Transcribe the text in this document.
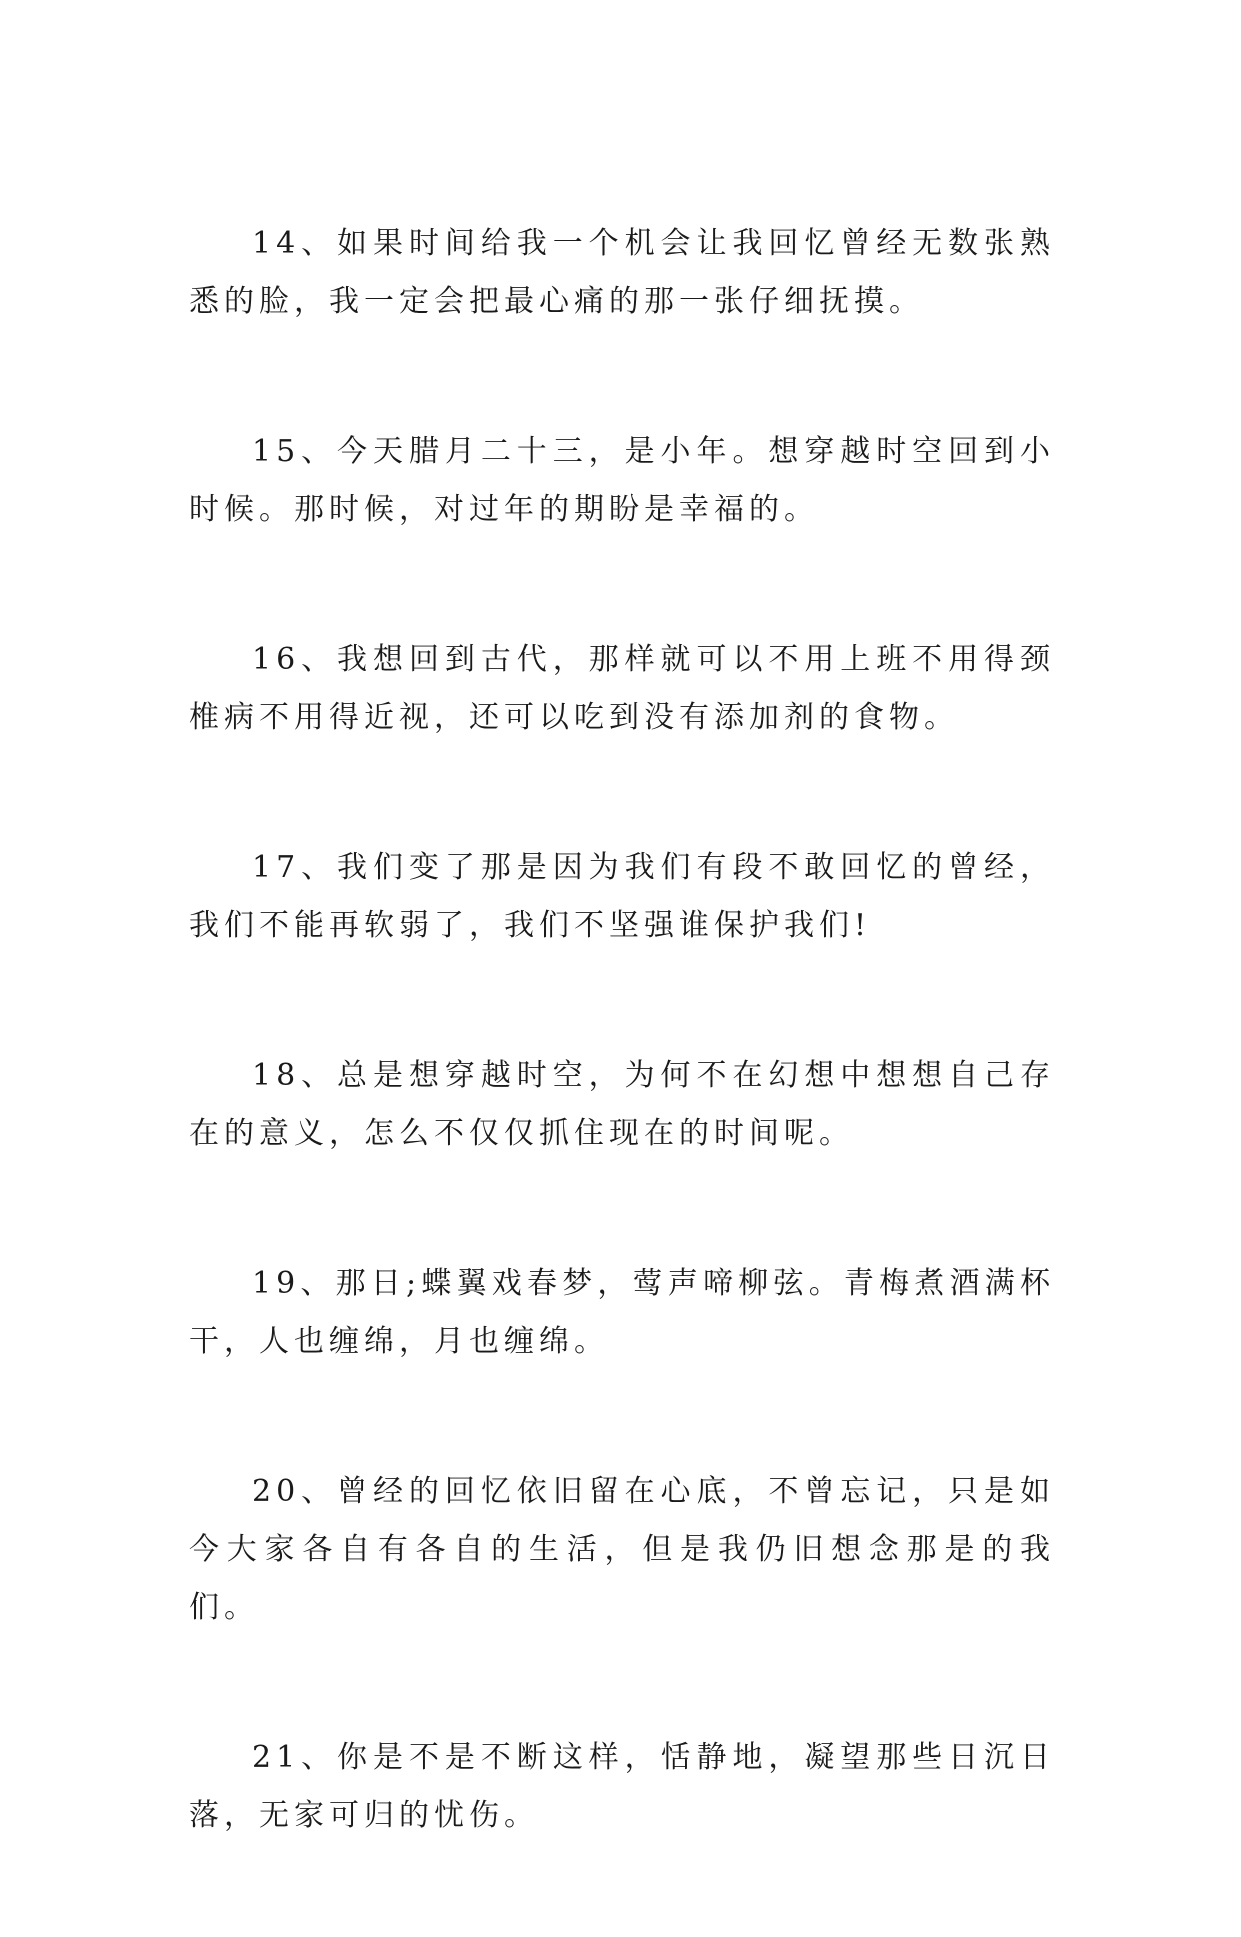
14、如果时间给我一个机会让我回忆曾经无数张熟悉的脸，我一定会把最心痛的那一张仔细抚摸。

15、今天腊月二十三，是小年。想穿越时空回到小时候。那时候，对过年的期盼是幸福的。

16、我想回到古代，那样就可以不用上班不用得颈椎病不用得近视，还可以吃到没有添加剂的食物。

17、我们变了那是因为我们有段不敢回忆的曾经，我们不能再软弱了，我们不坚强谁保护我们!

18、总是想穿越时空，为何不在幻想中想想自己存在的意义，怎么不仅仅抓住现在的时间呢。

19、那日;蝶翼戏春梦，莺声啼柳弦。青梅煮酒满杯干，人也缠绵，月也缠绵。

20、曾经的回忆依旧留在心底，不曾忘记，只是如今大家各自有各自的生活，但是我仍旧想念那是的我们。

21、你是不是不断这样，恬静地，凝望那些日沉日落，无家可归的忧伤。
